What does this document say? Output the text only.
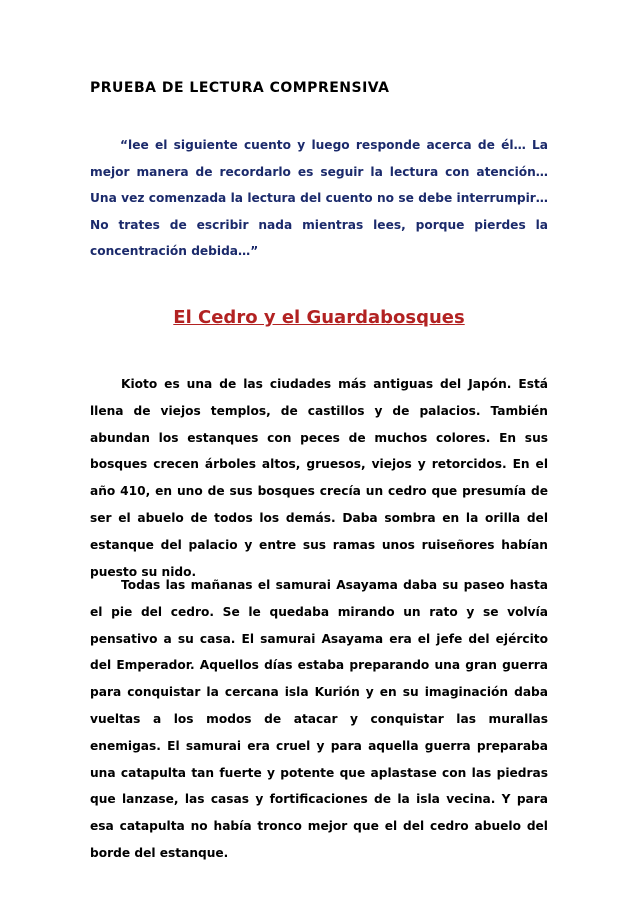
PRUEBA DE LECTURA COMPRENSIVA

“lee el siguiente cuento y luego responde acerca de él… La mejor manera de recordarlo es seguir la lectura con atención… Una vez comenzada la lectura del cuento no se debe interrumpir… No trates de escribir nada mientras lees, porque pierdes la concentración debida…”

El Cedro y el Guardabosques

Kioto es una de las ciudades más antiguas del Japón. Está llena de viejos templos, de castillos y de palacios. También abundan los estanques con peces de muchos colores. En sus bosques crecen árboles altos, gruesos, viejos y retorcidos. En el año 410, en uno de sus bosques crecía un cedro que presumía de ser el abuelo de todos los demás. Daba sombra en la orilla del estanque del palacio y entre sus ramas unos ruiseñores habían puesto su nido.

Todas las mañanas el samurai Asayama daba su paseo hasta el pie del cedro. Se le quedaba mirando un rato y se volvía pensativo a su casa. El samurai Asayama era el jefe del ejército del Emperador. Aquellos días estaba preparando una gran guerra para conquistar la cercana isla Kurión y en su imaginación daba vueltas a los modos de atacar y conquistar las murallas enemigas. El samurai era cruel y para aquella guerra preparaba una catapulta tan fuerte y potente que aplastase con las piedras que lanzase, las casas y fortificaciones de la isla vecina. Y para esa catapulta no había tronco mejor que el del cedro abuelo del borde del estanque.
